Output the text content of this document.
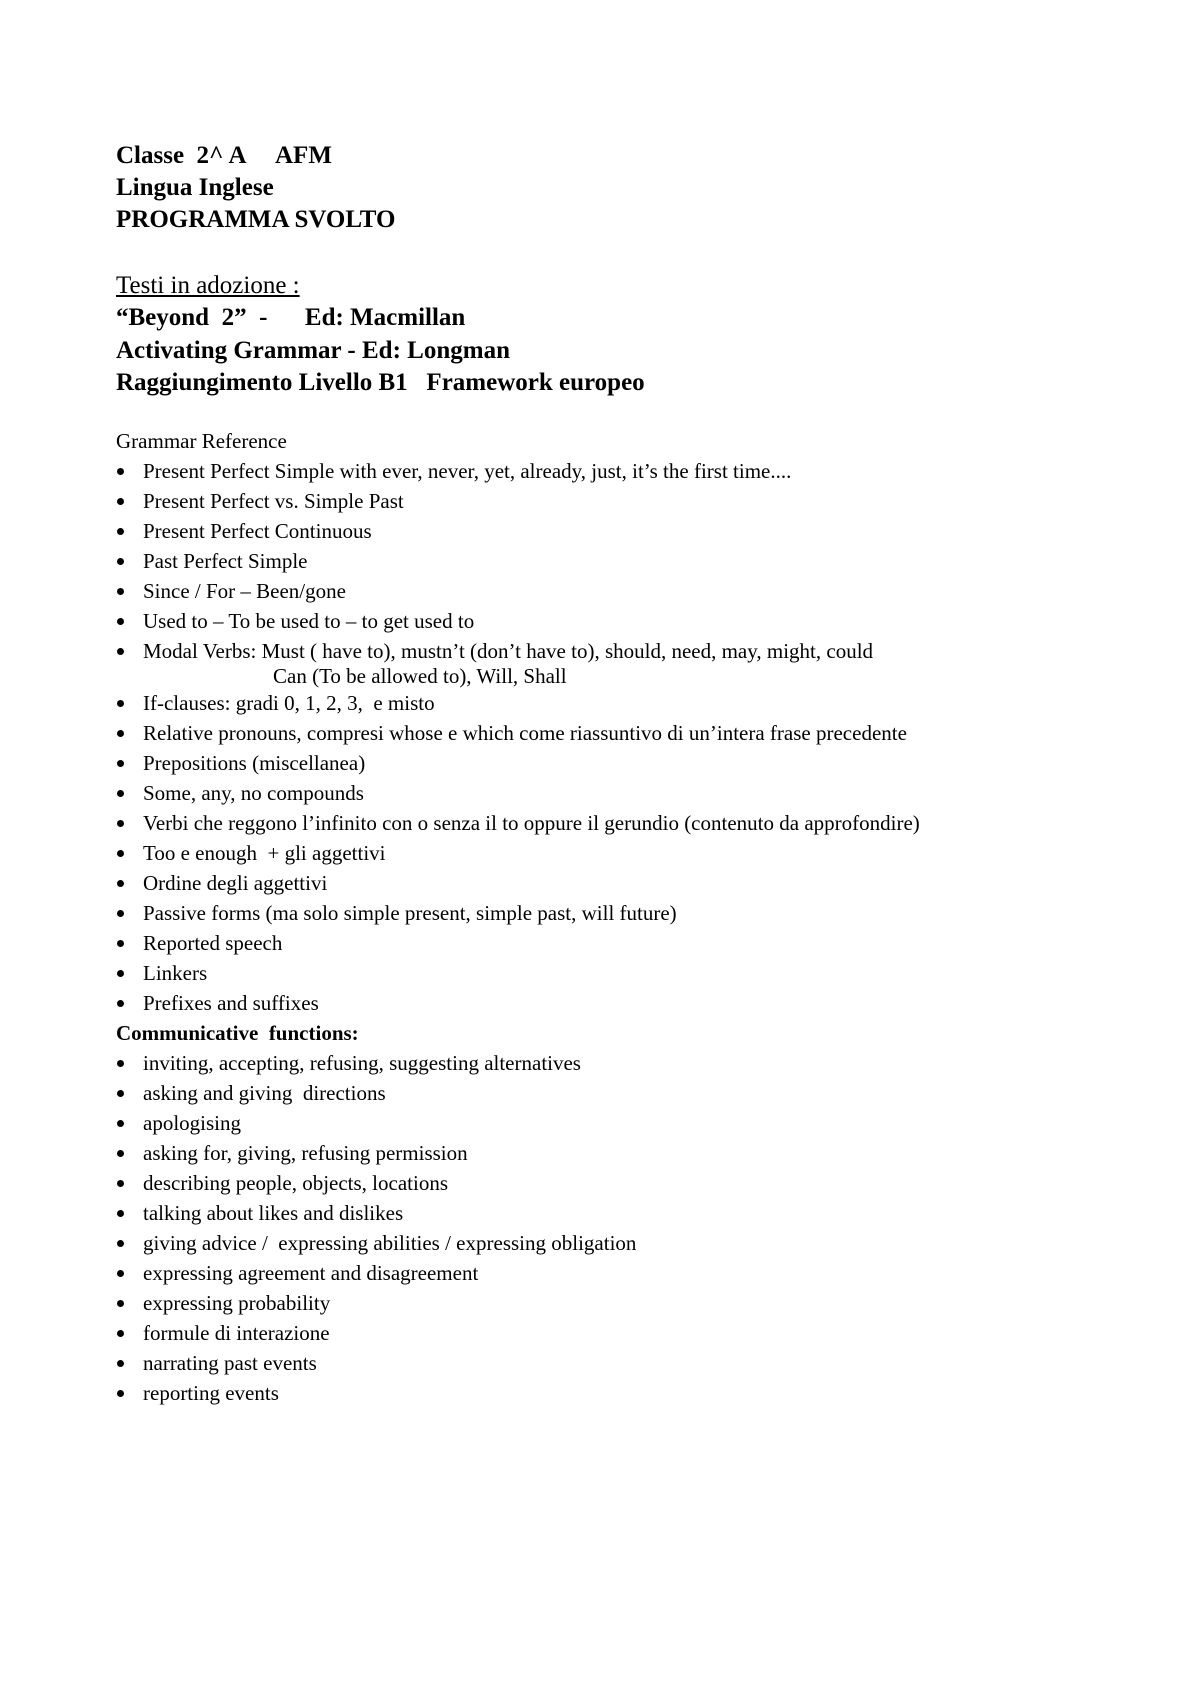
Classe  2^ A     AFM
Lingua Inglese
PROGRAMMA SVOLTO
Testi in adozione :
“Beyond  2”  -      Ed: Macmillan
Activating Grammar - Ed: Longman
Raggiungimento Livello B1   Framework europeo
Grammar Reference
Present Perfect Simple with ever, never, yet, already, just, it’s the first time....
Present Perfect vs. Simple Past
Present Perfect Continuous
Past Perfect Simple
Since / For – Been/gone
Used to – To be used to – to get used to
Modal Verbs: Must ( have to), mustn’t (don’t have to), should, need, may, might, could
Can (To be allowed to), Will, Shall
If-clauses: gradi 0, 1, 2, 3,  e misto
Relative pronouns, compresi whose e which come riassuntivo di un’intera frase precedente
Prepositions (miscellanea)
Some, any, no compounds
Verbi che reggono l’infinito con o senza il to oppure il gerundio (contenuto da approfondire)
Too e enough  + gli aggettivi
Ordine degli aggettivi
Passive forms (ma solo simple present, simple past, will future)
Reported speech
Linkers
Prefixes and suffixes
Communicative  functions:
inviting, accepting, refusing, suggesting alternatives
asking and giving  directions
apologising
asking for, giving, refusing permission
describing people, objects, locations
talking about likes and dislikes
giving advice /  expressing abilities / expressing obligation
expressing agreement and disagreement
expressing probability
formule di interazione
narrating past events
reporting events
